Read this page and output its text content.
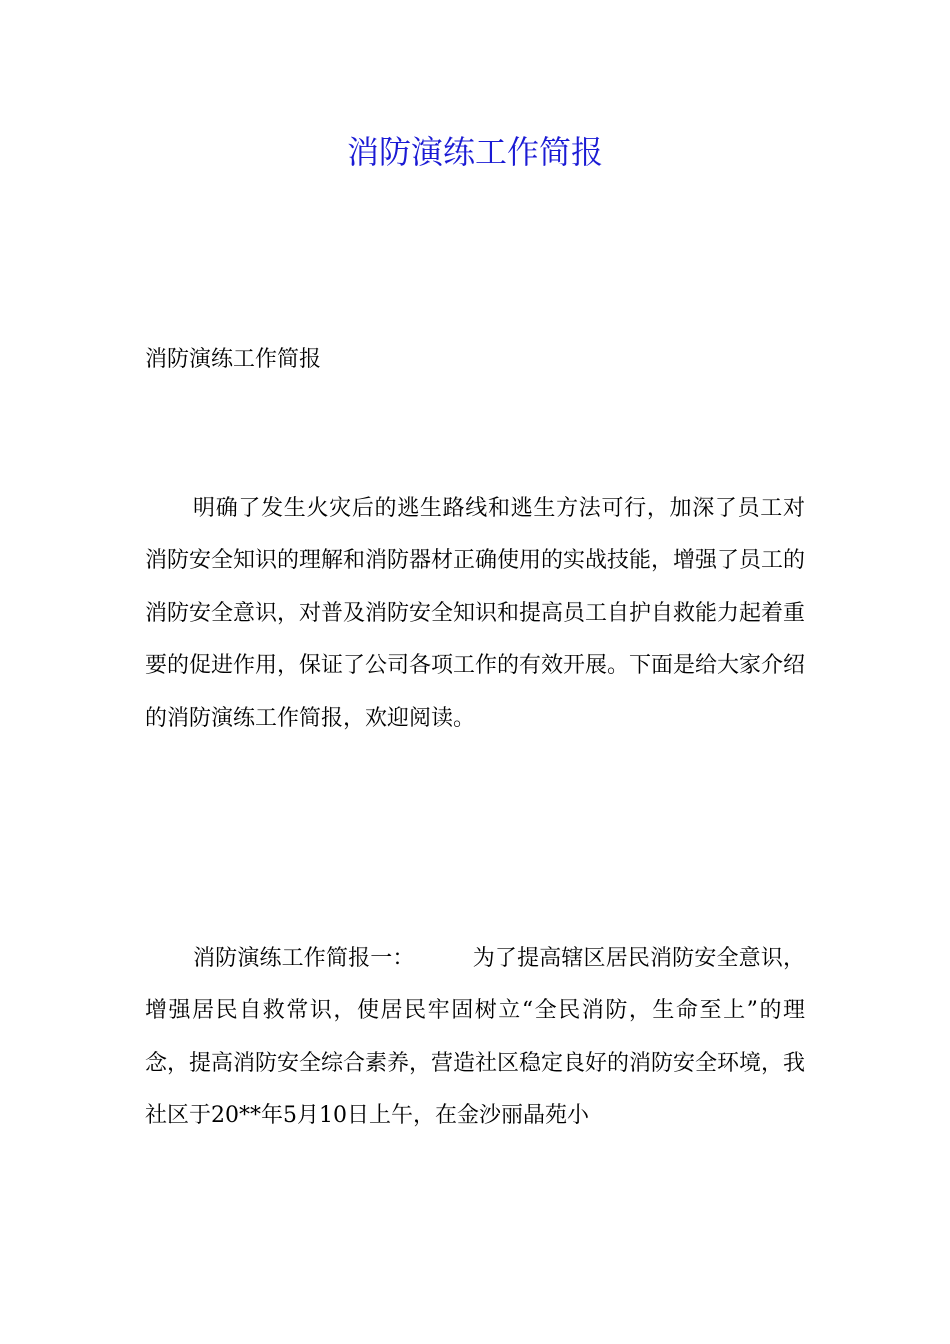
消防演练工作简报

消防演练工作简报

明确了发生火灾后的逃生路线和逃生方法可行，加深了员工对消防安全知识的理解和消防器材正确使用的实战技能，增强了员工的消防安全意识，对普及消防安全知识和提高员工自护自救能力起着重要的促进作用，保证了公司各项工作的有效开展。下面是给大家介绍的消防演练工作简报，欢迎阅读。

消防演练工作简报一：	为了提高辖区居民消防安全意识，增强居民自救常识，使居民牢固树立“全民消防，生命至上”的理念，提高消防安全综合素养，营造社区稳定良好的消防安全环境，我社区于20**年5月10日上午，在金沙丽晶苑小
